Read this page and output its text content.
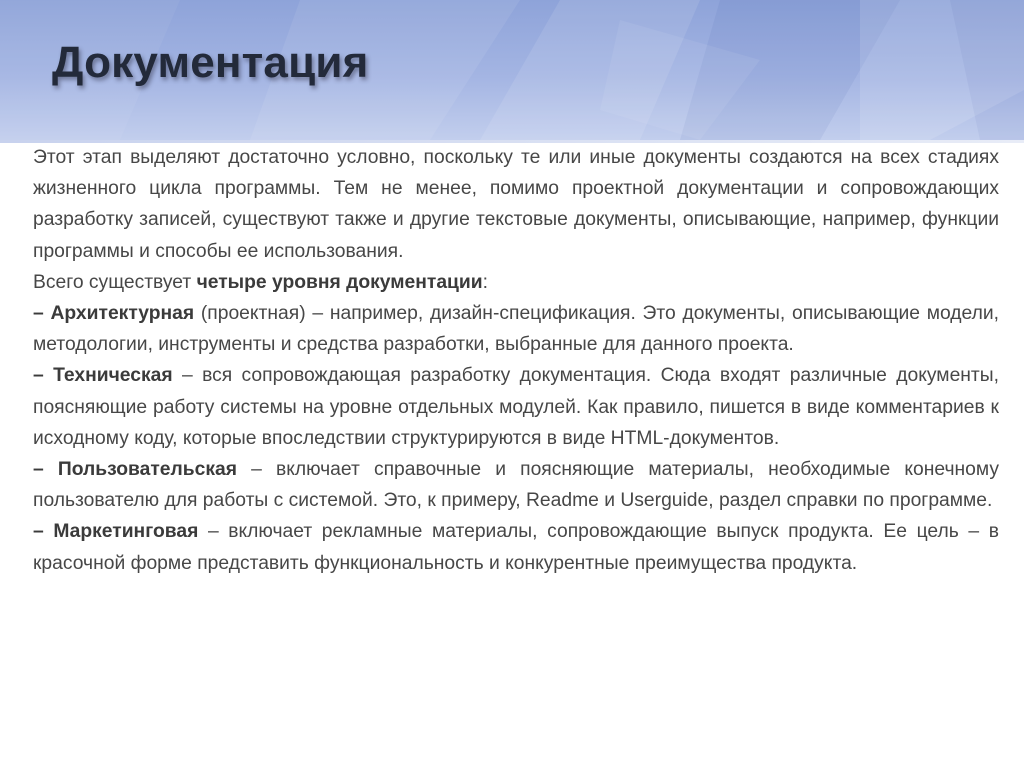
Документация

Этот этап выделяют достаточно условно, поскольку те или иные документы создаются на всех стадиях жизненного цикла программы. Тем не менее, помимо проектной документации и сопровождающих разработку записей, существуют также и другие текстовые документы, описывающие, например, функции программы и способы ее использования.

Всего существует четыре уровня документации:

– Архитектурная (проектная) – например, дизайн-спецификация. Это документы, описывающие модели, методологии, инструменты и средства разработки, выбранные для данного проекта.

– Техническая – вся сопровождающая разработку документация. Сюда входят различные документы, поясняющие работу системы на уровне отдельных модулей. Как правило, пишется в виде комментариев к исходному коду, которые впоследствии структурируются в виде HTML-документов.

– Пользовательская – включает справочные и поясняющие материалы, необходимые конечному пользователю для работы с системой. Это, к примеру, Readme и Userguide, раздел справки по программе.

– Маркетинговая – включает рекламные материалы, сопровождающие выпуск продукта. Ее цель – в красочной форме представить функциональность и конкурентные преимущества продукта.
